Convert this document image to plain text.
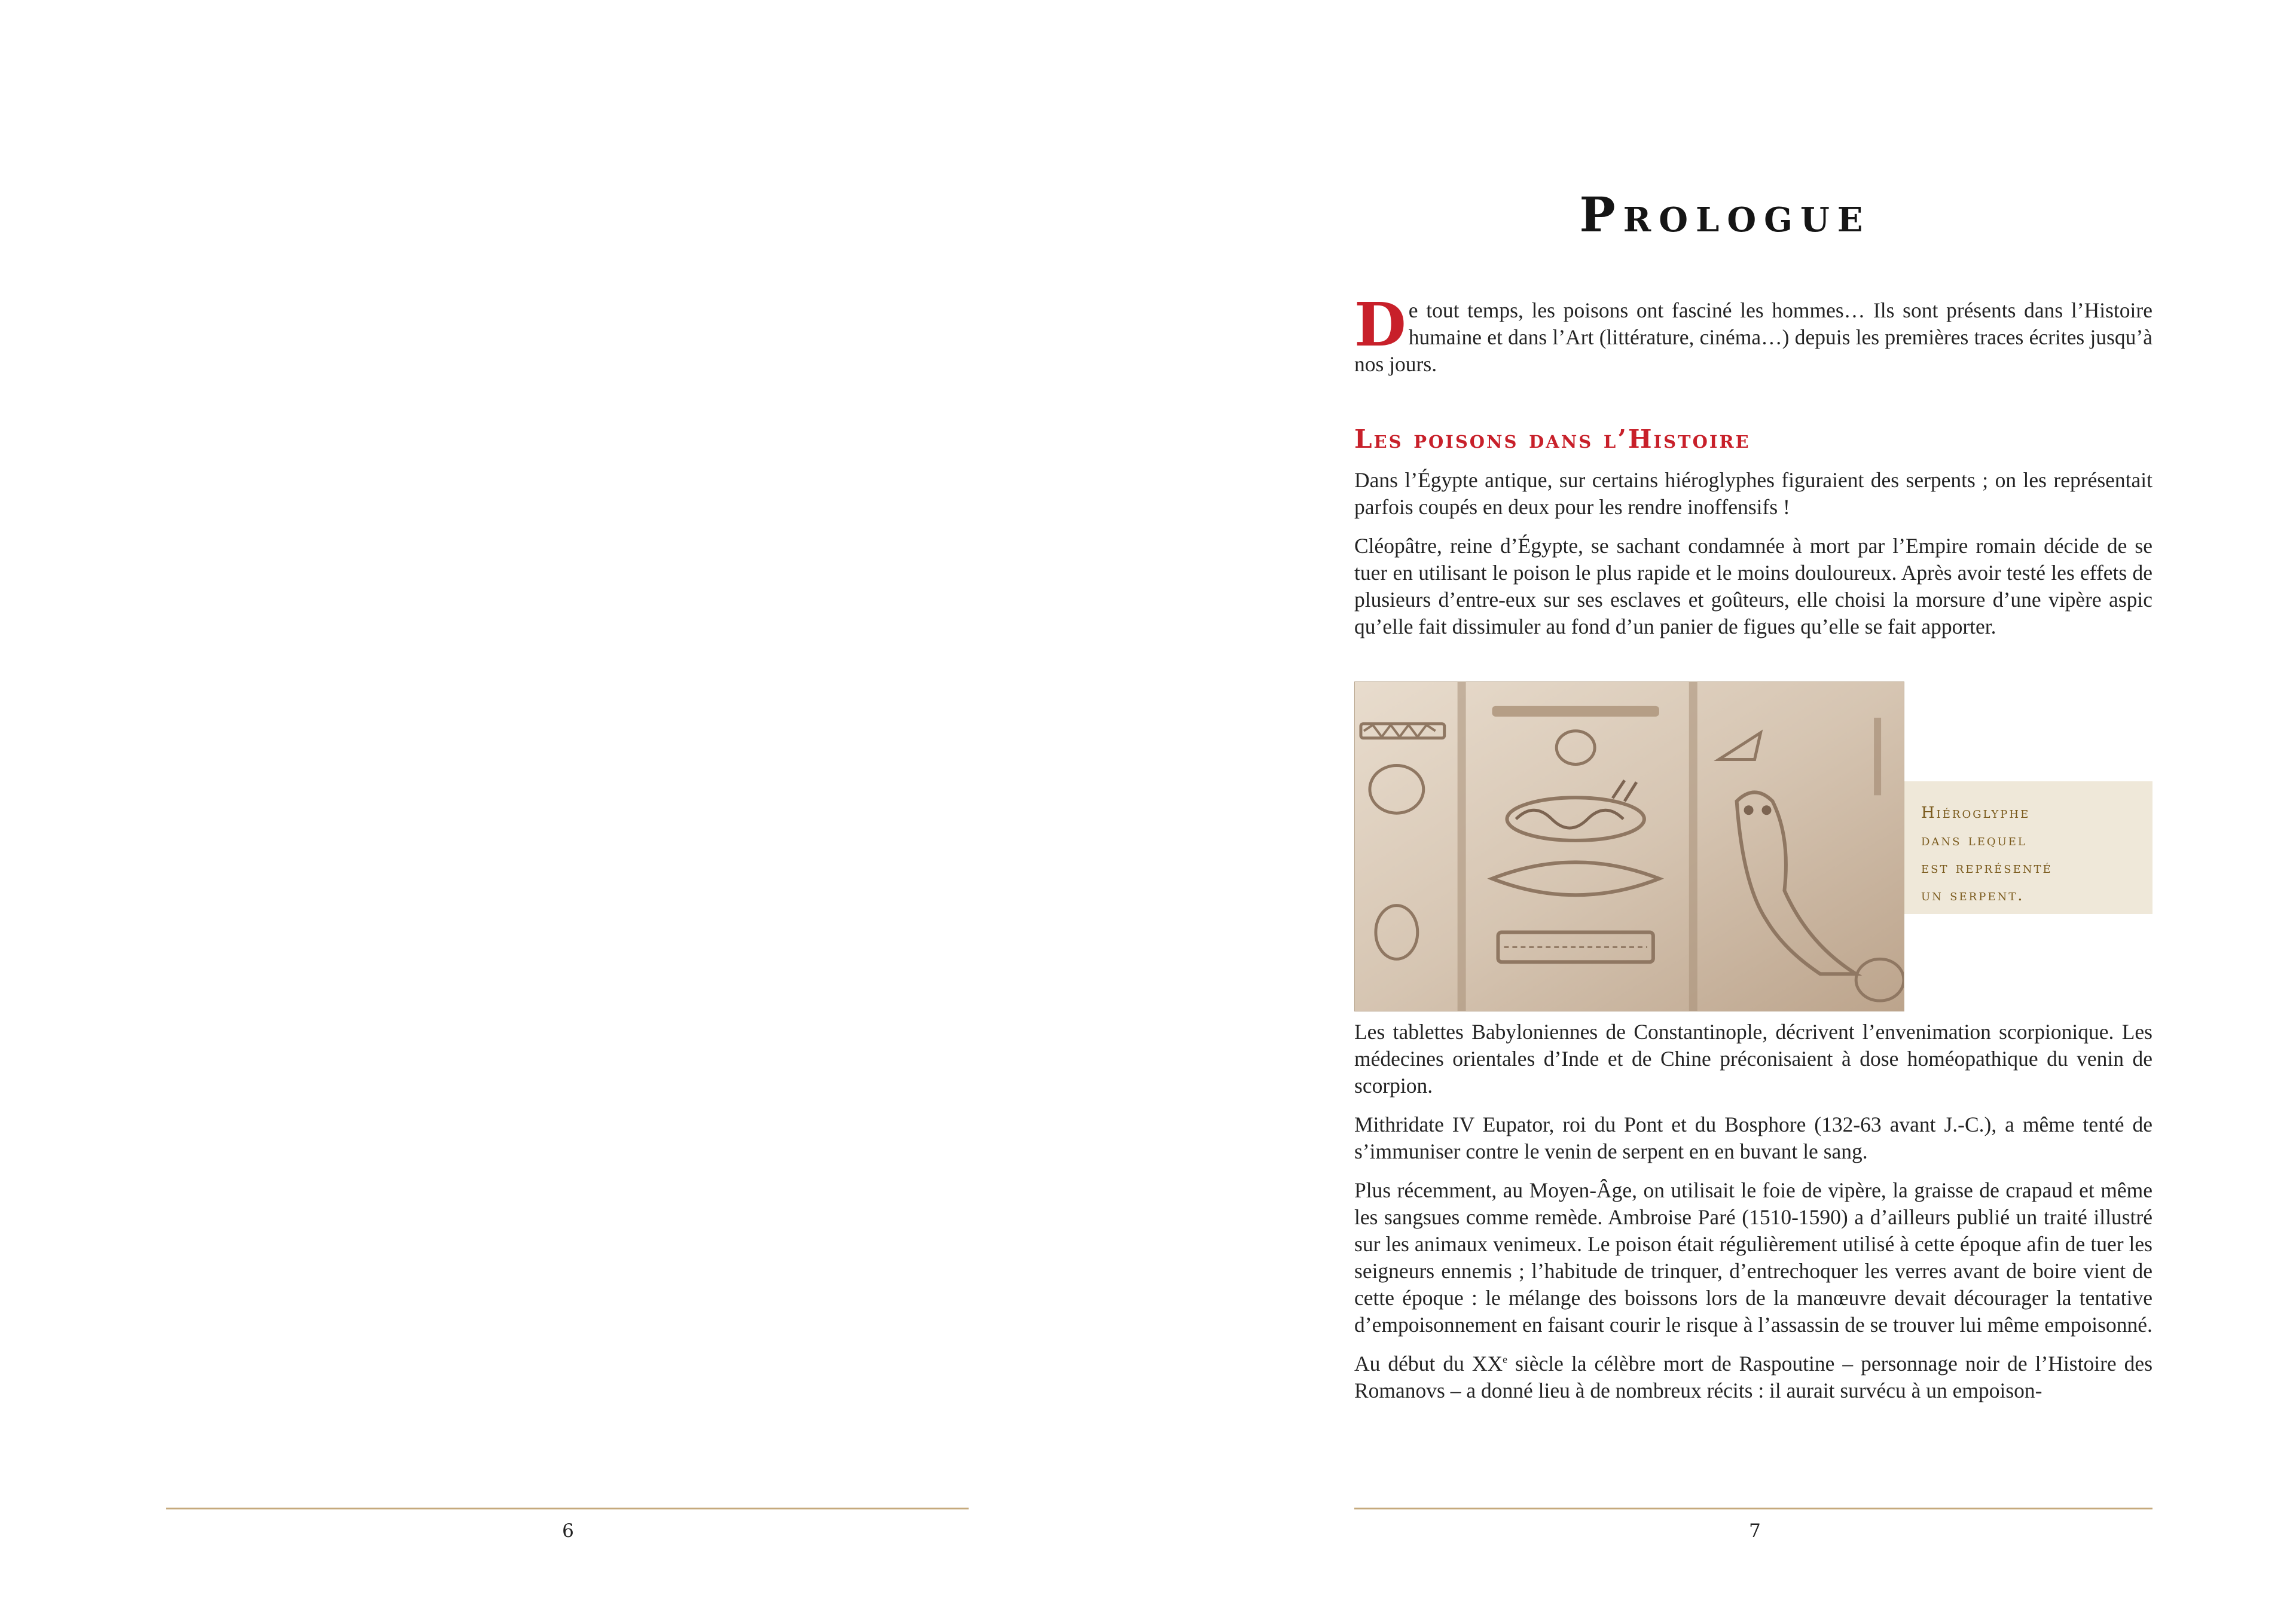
6
Prologue

De tout temps, les poisons ont fasciné les hommes… Ils sont présents dans l’Histoire humaine et dans l’Art (littérature, cinéma…) depuis les premières traces écrites jusqu’à nos jours.

Les poisons dans l’Histoire

Dans l’Égypte antique, sur certains hiéroglyphes figuraient des serpents ; on les représentait parfois coupés en deux pour les rendre inoffensifs !

Cléopâtre, reine d’Égypte, se sachant condamnée à mort par l’Empire romain décide de se tuer en utilisant le poison le plus rapide et le moins douloureux. Après avoir testé les effets de plusieurs d’entre-eux sur ses esclaves et goûteurs, elle choisi la morsure d’une vipère aspic qu’elle fait dissimuler au fond d’un panier de figues qu’elle se fait apporter.

Hiéroglyphe
dans lequel
est représenté
un serpent.

Les tablettes Babyloniennes de Constantinople, décrivent l’envenimation scorpionique. Les médecines orientales d’Inde et de Chine préconisaient à dose homéopathique du venin de scorpion.

Mithridate IV Eupator, roi du Pont et du Bosphore (132-63 avant J.-C.), a même tenté de s’immuniser contre le venin de serpent en en buvant le sang.

Plus récemment, au Moyen-Âge, on utilisait le foie de vipère, la graisse de crapaud et même les sangsues comme remède. Ambroise Paré (1510-1590) a d’ailleurs publié un traité illustré sur les animaux venimeux. Le poison était régulièrement utilisé à cette époque afin de tuer les seigneurs ennemis ; l’habitude de trinquer, d’entrechoquer les verres avant de boire vient de cette époque : le mélange des boissons lors de la manœuvre devait décourager la tentative d’empoisonnement en faisant courir le risque à l’assassin de se trouver lui même empoisonné.

Au début du XXe siècle la célèbre mort de Raspoutine – personnage noir de l’Histoire des Romanovs – a donné lieu à de nombreux récits : il aurait survécu à un empoison-

7
